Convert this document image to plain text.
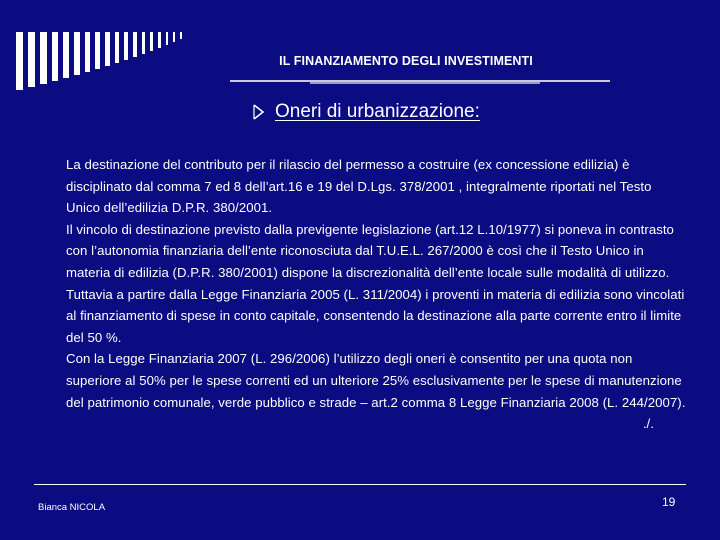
IL FINANZIAMENTO DEGLI INVESTIMENTI
Oneri di urbanizzazione:

La destinazione del contributo per il rilascio del permesso a costruire (ex concessione edilizia) è disciplinato dal comma 7 ed 8 dell’art.16 e 19 del D.Lgs. 378/2001 , integralmente riportati nel Testo Unico dell’edilizia D.P.R. 380/2001.

Il vincolo di destinazione previsto dalla previgente legislazione (art.12 L.10/1977) si poneva in contrasto con l’autonomia finanziaria dell’ente riconosciuta dal T.U.E.L. 267/2000 è così che il Testo Unico in materia di edilizia (D.P.R. 380/2001) dispone la discrezionalità dell’ente locale sulle modalità di utilizzo.

Tuttavia a partire dalla Legge Finanziaria 2005 (L. 311/2004) i proventi in materia di edilizia sono vincolati al finanziamento di spese in conto capitale, consentendo la destinazione alla parte corrente entro il limite del 50 %.

Con la Legge Finanziaria 2007 (L. 296/2006) l’utilizzo degli oneri è consentito per una quota non superiore al 50% per le spese correnti ed un ulteriore 25% esclusivamente per le spese di manutenzione del patrimonio comunale, verde pubblico e strade – art.2 comma 8 Legge Finanziaria 2008 (L. 244/2007).
./.

Bianca NICOLA	19
